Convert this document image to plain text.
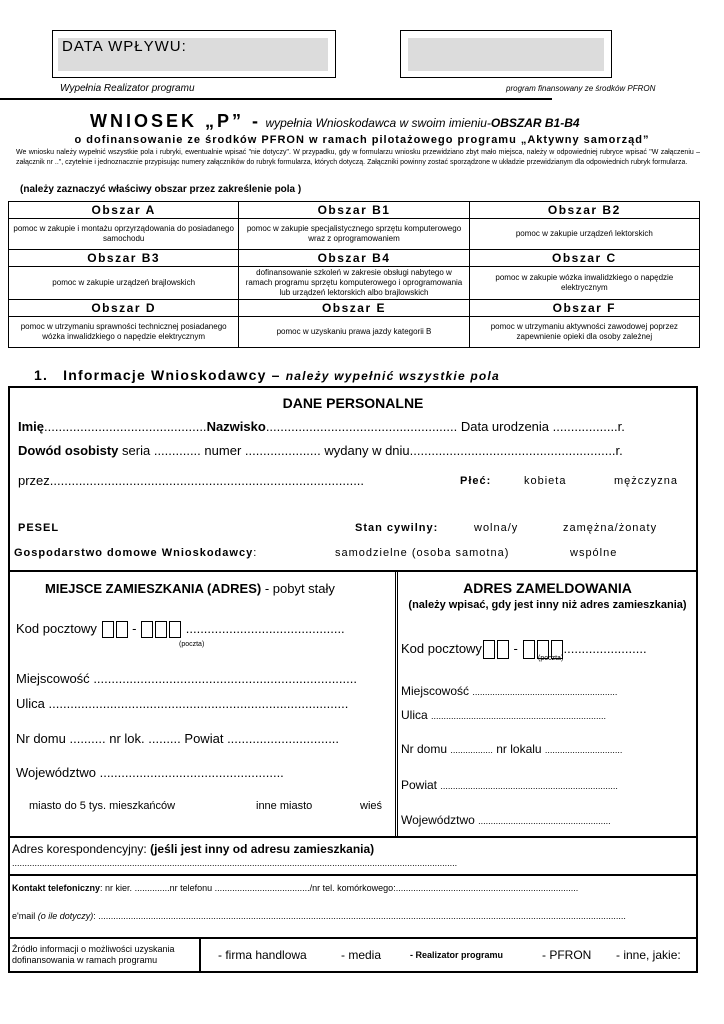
DATA WPŁYWU:
Wypełnia Realizator programu	program finansowany ze środków PFRON
WNIOSEK „P” - wypełnia Wnioskodawca w swoim imieniu-OBSZAR B1-B4
o dofinansowanie ze środków PFRON w ramach pilotażowego programu „Aktywny samorząd”
We wniosku należy wypełnić wszystkie pola i rubryki, ewentualnie wpisać "nie dotyczy". W przypadku, gdy w formularzu wniosku przewidziano zbyt mało miejsca, należy w odpowiedniej rubryce wpisać "W załączeniu – załącznik nr ..", czytelnie i jednoznacznie przypisując numery załączników do rubryk formularza, których dotyczą. Załączniki powinny zostać sporządzone w układzie przewidzianym dla odpowiednich rubryk formularza.
(należy zaznaczyć właściwy obszar przez zakreślenie pola )
Obszar A	Obszar B1	Obszar B2
pomoc w zakupie i montażu oprzyrządowania do posiadanego samochodu	pomoc w zakupie specjalistycznego sprzętu komputerowego wraz z oprogramowaniem	pomoc w zakupie urządzeń lektorskich
Obszar B3	Obszar B4	Obszar C
pomoc w zakupie urządzeń brajlowskich	dofinansowanie szkoleń w zakresie obsługi nabytego w ramach programu sprzętu komputerowego i oprogramowania lub urządzeń lektorskich albo brajlowskich	pomoc w zakupie wózka inwalidzkiego o napędzie elektrycznym
Obszar D	Obszar E	Obszar F
pomoc w utrzymaniu sprawności technicznej posiadanego wózka inwalidzkiego o napędzie elektrycznym	pomoc w uzyskaniu prawa jazdy kategorii B	pomoc w utrzymaniu aktywności zawodowej poprzez zapewnienie opieki dla osoby zależnej
1. Informacje Wnioskodawcy – należy wypełnić wszystkie pola
DANE PERSONALNE
Imię.............................................Nazwisko..................................................... Data urodzenia ..................r.
Dowód osobisty seria ............. numer ..................... wydany w dniu.........................................................r.
przez.......................................................................................	Płeć:	kobieta	mężczyzna
PESEL	Stan cywilny:	wolna/y	zamężna/żonaty
Gospodarstwo domowe Wnioskodawcy:	samodzielne (osoba samotna)	wspólne
MIEJSCE ZAMIESZKANIA (ADRES) - pobyt stały
Kod pocztowy  -	............................................
(poczta)
Miejscowość .........................................................................
Ulica ...................................................................................
Nr domu .......... nr lok. ......... Powiat ...............................
Województwo ...................................................
miasto do 5 tys. mieszkańców	inne miasto	wieś
ADRES ZAMELDOWANIA
(należy wpisać, gdy jest inny niż adres zamieszkania)
Kod pocztowy -	.......................
(poczta)
Miejscowość ..........................................................
Ulica ......................................................................
Nr domu ................. nr lokalu ...............................
Powiat .......................................................................
Województwo .....................................................
Adres korespondencyjny: (jeśli jest inny od adresu zamieszkania)
..................................................................................................................................................................................
Kontakt telefoniczny: nr kier. ..............nr telefonu ....................................../nr tel. komórkowego:.........................................................................
e'mail (o ile dotyczy): ...................................................................................................................................................................................................................
Źródło informacji o możliwości uzyskania dofinansowania w ramach programu	- firma handlowa	- media	- Realizator programu	- PFRON - inne, jakie:
